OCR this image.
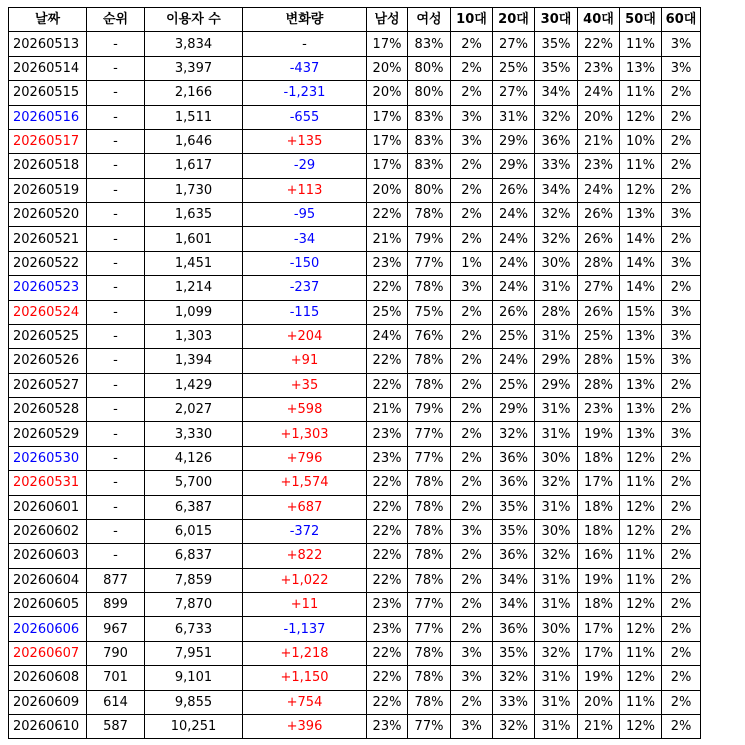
날짜	순위	이용자 수	변화량	남성	여성	10대	20대	30대	40대	50대	60대
20260513	-	3,834	-	17%	83%	2%	27%	35%	22%	11%	3%
20260514	-	3,397	-437	20%	80%	2%	25%	35%	23%	13%	3%
20260515	-	2,166	-1,231	20%	80%	2%	27%	34%	24%	11%	2%
20260516	-	1,511	-655	17%	83%	3%	31%	32%	20%	12%	2%
20260517	-	1,646	+135	17%	83%	3%	29%	36%	21%	10%	2%
20260518	-	1,617	-29	17%	83%	2%	29%	33%	23%	11%	2%
20260519	-	1,730	+113	20%	80%	2%	26%	34%	24%	12%	2%
20260520	-	1,635	-95	22%	78%	2%	24%	32%	26%	13%	3%
20260521	-	1,601	-34	21%	79%	2%	24%	32%	26%	14%	2%
20260522	-	1,451	-150	23%	77%	1%	24%	30%	28%	14%	3%
20260523	-	1,214	-237	22%	78%	3%	24%	31%	27%	14%	2%
20260524	-	1,099	-115	25%	75%	2%	26%	28%	26%	15%	3%
20260525	-	1,303	+204	24%	76%	2%	25%	31%	25%	13%	3%
20260526	-	1,394	+91	22%	78%	2%	24%	29%	28%	15%	3%
20260527	-	1,429	+35	22%	78%	2%	25%	29%	28%	13%	2%
20260528	-	2,027	+598	21%	79%	2%	29%	31%	23%	13%	2%
20260529	-	3,330	+1,303	23%	77%	2%	32%	31%	19%	13%	3%
20260530	-	4,126	+796	23%	77%	2%	36%	30%	18%	12%	2%
20260531	-	5,700	+1,574	22%	78%	2%	36%	32%	17%	11%	2%
20260601	-	6,387	+687	22%	78%	2%	35%	31%	18%	12%	2%
20260602	-	6,015	-372	22%	78%	3%	35%	30%	18%	12%	2%
20260603	-	6,837	+822	22%	78%	2%	36%	32%	16%	11%	2%
20260604	877	7,859	+1,022	22%	78%	2%	34%	31%	19%	11%	2%
20260605	899	7,870	+11	23%	77%	2%	34%	31%	18%	12%	2%
20260606	967	6,733	-1,137	23%	77%	2%	36%	30%	17%	12%	2%
20260607	790	7,951	+1,218	22%	78%	3%	35%	32%	17%	11%	2%
20260608	701	9,101	+1,150	22%	78%	3%	32%	31%	19%	12%	2%
20260609	614	9,855	+754	22%	78%	2%	33%	31%	20%	11%	2%
20260610	587	10,251	+396	23%	77%	3%	32%	31%	21%	12%	2%
